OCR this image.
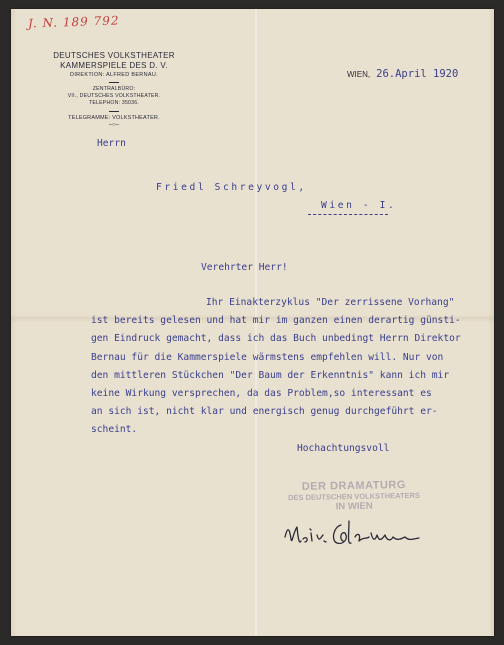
J. N. 189 792
DEUTSCHES VOLKSTHEATER
KAMMERSPIELE DES D. V.
DIREKTION: ALFRED BERNAU.
ZENTRALBÜRO:
VII., DEUTSCHES VOLKSTHEATER.
TELEPHON: 35036.
TELEGRAMME: VOLKSTHEATER.
–○–
WIEN, 26.April 1920
Herrn
Friedl Schreyvogl,
Wien - I.
Verehrter Herr!
Ihr Einakterzyklus "Der zerrissene Vorhang"
ist bereits gelesen und hat mir im ganzen einen derartig günsti-
gen Eindruck gemacht, dass ich das Buch unbedingt Herrn Direktor
Bernau für die Kammerspiele wärmstens empfehlen will. Nur von
den mittleren Stückchen "Der Baum der Erkenntnis" kann ich mir
keine Wirkung versprechen, da das Problem,so interessant es
an sich ist, nicht klar und energisch genug durchgeführt er-
scheint.
Hochachtungsvoll
DER DRAMATURG
DES DEUTSCHEN VOLKSTHEATERS
IN WIEN
